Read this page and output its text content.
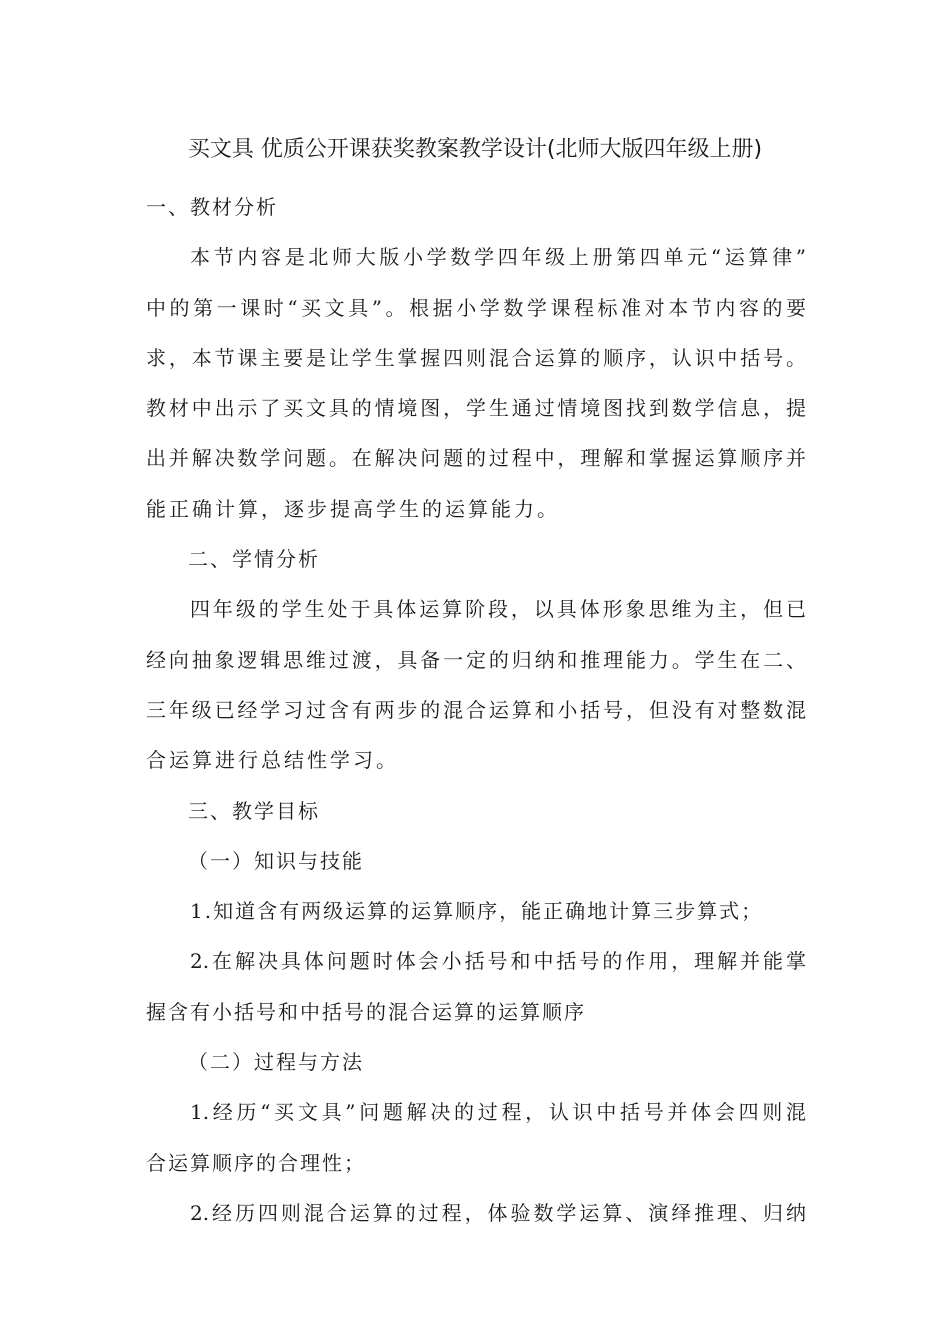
买文具 优质公开课获奖教案教学设计(北师大版四年级上册)
一、教材分析
本节内容是北师大版小学数学四年级上册第四单元“运算律”
中的第一课时“买文具”。根据小学数学课程标准对本节内容的要
求，本节课主要是让学生掌握四则混合运算的顺序，认识中括号。
教材中出示了买文具的情境图，学生通过情境图找到数学信息，提
出并解决数学问题。在解决问题的过程中，理解和掌握运算顺序并
能正确计算，逐步提高学生的运算能力。
二、学情分析
四年级的学生处于具体运算阶段，以具体形象思维为主，但已
经向抽象逻辑思维过渡，具备一定的归纳和推理能力。学生在二、
三年级已经学习过含有两步的混合运算和小括号，但没有对整数混
合运算进行总结性学习。
三、教学目标
（一）知识与技能
1.知道含有两级运算的运算顺序，能正确地计算三步算式；
2.在解决具体问题时体会小括号和中括号的作用，理解并能掌
握含有小括号和中括号的混合运算的运算顺序
（二）过程与方法
1.经历“买文具”问题解决的过程，认识中括号并体会四则混
合运算顺序的合理性；
2.经历四则混合运算的过程，体验数学运算、演绎推理、归纳
